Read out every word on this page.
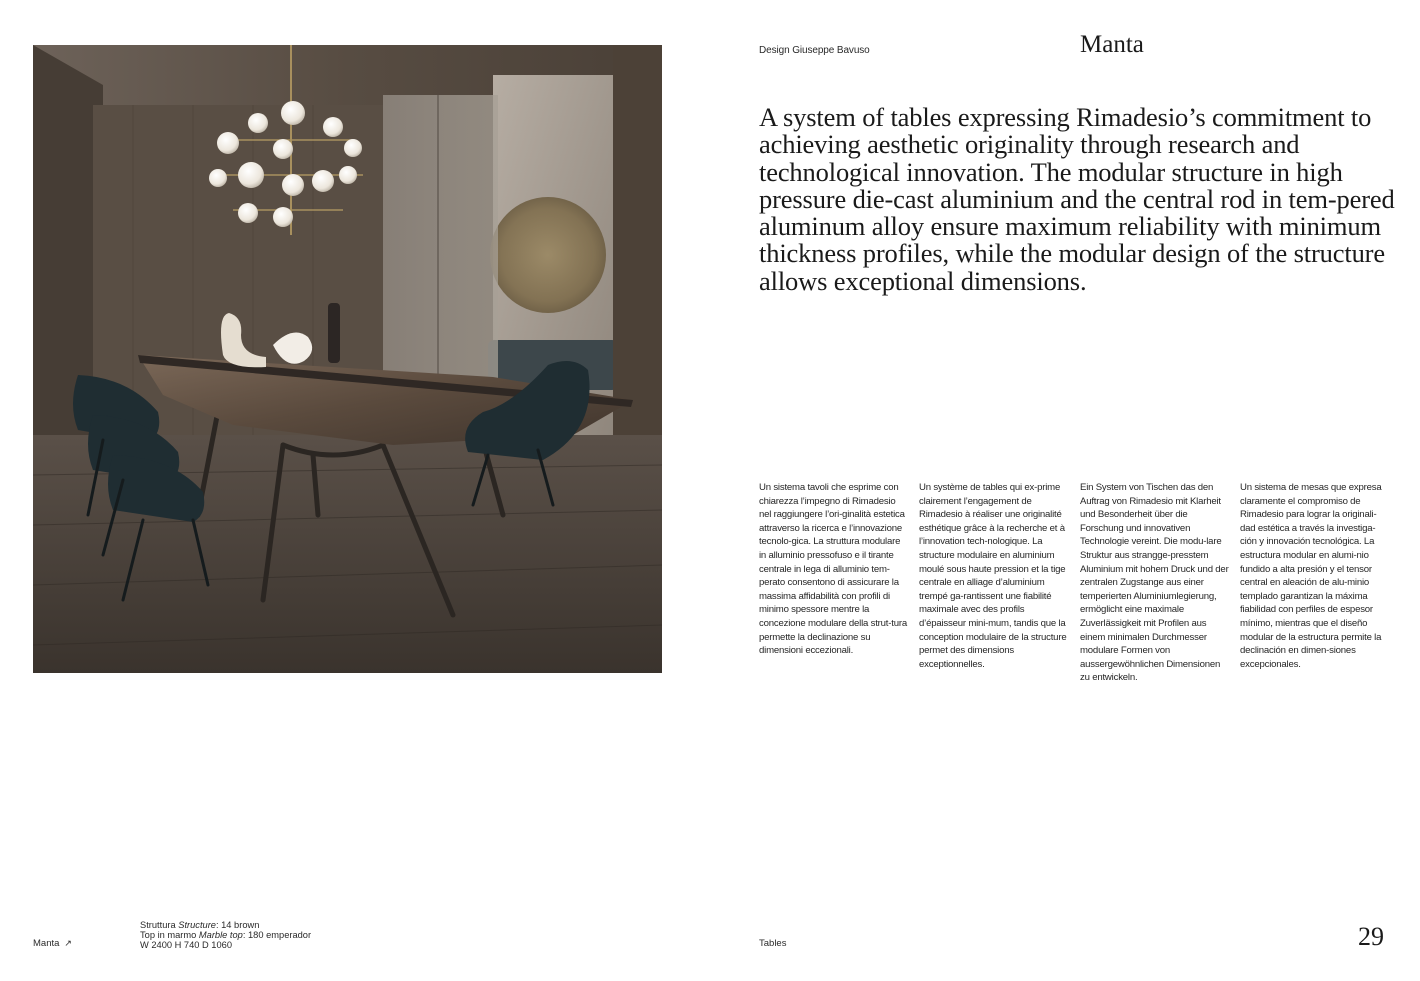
Design Giuseppe Bavuso	Manta
A system of tables expressing Rimadesio’s commitment to achieving aesthetic originality through research and technological innovation. The modular structure in high pressure die-cast aluminium and the central rod in tem-pered aluminum alloy ensure maximum reliability with minimum thickness profiles, while the modular design of the structure allows exceptional dimensions.
Un sistema tavoli che esprime con chiarezza l’impegno di Rimadesio nel raggiungere l’ori-ginalità estetica attraverso la ricerca e l’innovazione tecnolo-gica. La struttura modulare in alluminio pressofuso e il tirante centrale in lega di alluminio tem-perato consentono di assicurare la massima affidabilità con profili di minimo spessore mentre la concezione modulare della strut-tura permette la declinazione su dimensioni eccezionali.
Un système de tables qui ex-prime clairement l’engagement de Rimadesio à réaliser une originalité esthétique grâce à la recherche et à l’innovation tech-nologique. La structure modulaire en aluminium moulé sous haute pression et la tige centrale en alliage d’aluminium trempé ga-rantissent une fiabilité maximale avec des profils d’épaisseur mini-mum, tandis que la conception modulaire de la structure permet des dimensions exceptionnelles.
Ein System von Tischen das den Auftrag von Rimadesio mit Klarheit und Besonderheit über die Forschung und innovativen Technologie vereint. Die modu-lare Struktur aus strangge-presstem Aluminium mit hohem Druck und der zentralen Zugstange aus einer temperierten Aluminiumlegierung, ermöglicht eine maximale Zuverlässigkeit mit Profilen aus einem minimalen Durchmesser modulare Formen von aussergewöhnlichen Dimensionen zu entwickeln.
Un sistema de mesas que expresa claramente el compromiso de Rimadesio para lograr la originali-dad estética a través la investiga-ción y innovación tecnológica. La estructura modular en alumi-nio fundido a alta presión y el tensor central en aleación de alu-minio templado garantizan la máxima fiabilidad con perfiles de espesor mínimo, mientras que el diseño modular de la estructura permite la declinación en dimen-siones excepcionales.
Manta ↗
Struttura Structure: 14 brown
Top in marmo Marble top: 180 emperador
W 2400 H 740 D 1060	Tables	29
